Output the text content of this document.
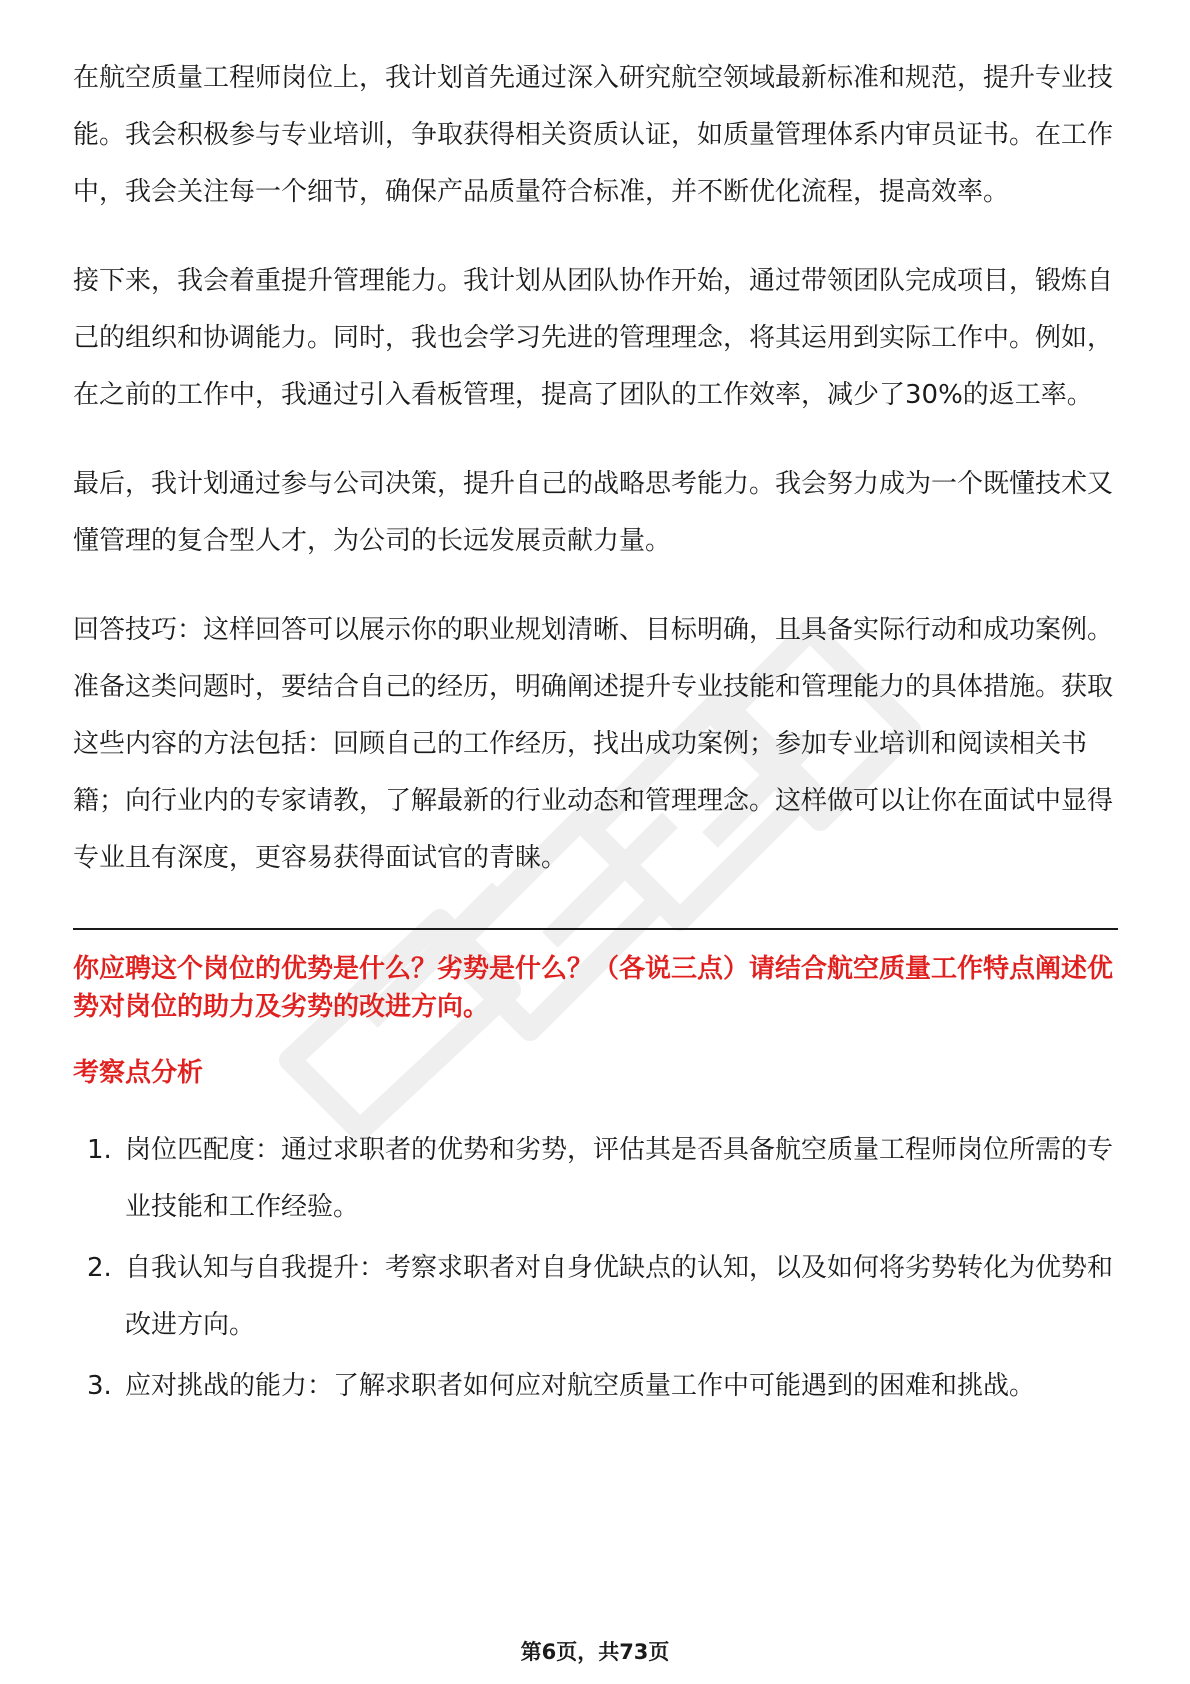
在航空质量工程师岗位上，我计划首先通过深入研究航空领域最新标准和规范，提升专业技能。我会积极参与专业培训，争取获得相关资质认证，如质量管理体系内审员证书。在工作中，我会关注每一个细节，确保产品质量符合标准，并不断优化流程，提高效率。

接下来，我会着重提升管理能力。我计划从团队协作开始，通过带领团队完成项目，锻炼自己的组织和协调能力。同时，我也会学习先进的管理理念，将其运用到实际工作中。例如，在之前的工作中，我通过引入看板管理，提高了团队的工作效率，减少了30%的返工率。

最后，我计划通过参与公司决策，提升自己的战略思考能力。我会努力成为一个既懂技术又懂管理的复合型人才，为公司的长远发展贡献力量。

回答技巧：这样回答可以展示你的职业规划清晰、目标明确，且具备实际行动和成功案例。准备这类问题时，要结合自己的经历，明确阐述提升专业技能和管理能力的具体措施。获取这些内容的方法包括：回顾自己的工作经历，找出成功案例；参加专业培训和阅读相关书籍；向行业内的专家请教，了解最新的行业动态和管理理念。这样做可以让你在面试中显得专业且有深度，更容易获得面试官的青睐。

你应聘这个岗位的优势是什么？劣势是什么？（各说三点）请结合航空质量工作特点阐述优势对岗位的助力及劣势的改进方向。

考察点分析

1. 岗位匹配度：通过求职者的优势和劣势，评估其是否具备航空质量工程师岗位所需的专业技能和工作经验。
2. 自我认知与自我提升：考察求职者对自身优缺点的认知，以及如何将劣势转化为优势和改进方向。
3. 应对挑战的能力：了解求职者如何应对航空质量工作中可能遇到的困难和挑战。
第6页，共73页
